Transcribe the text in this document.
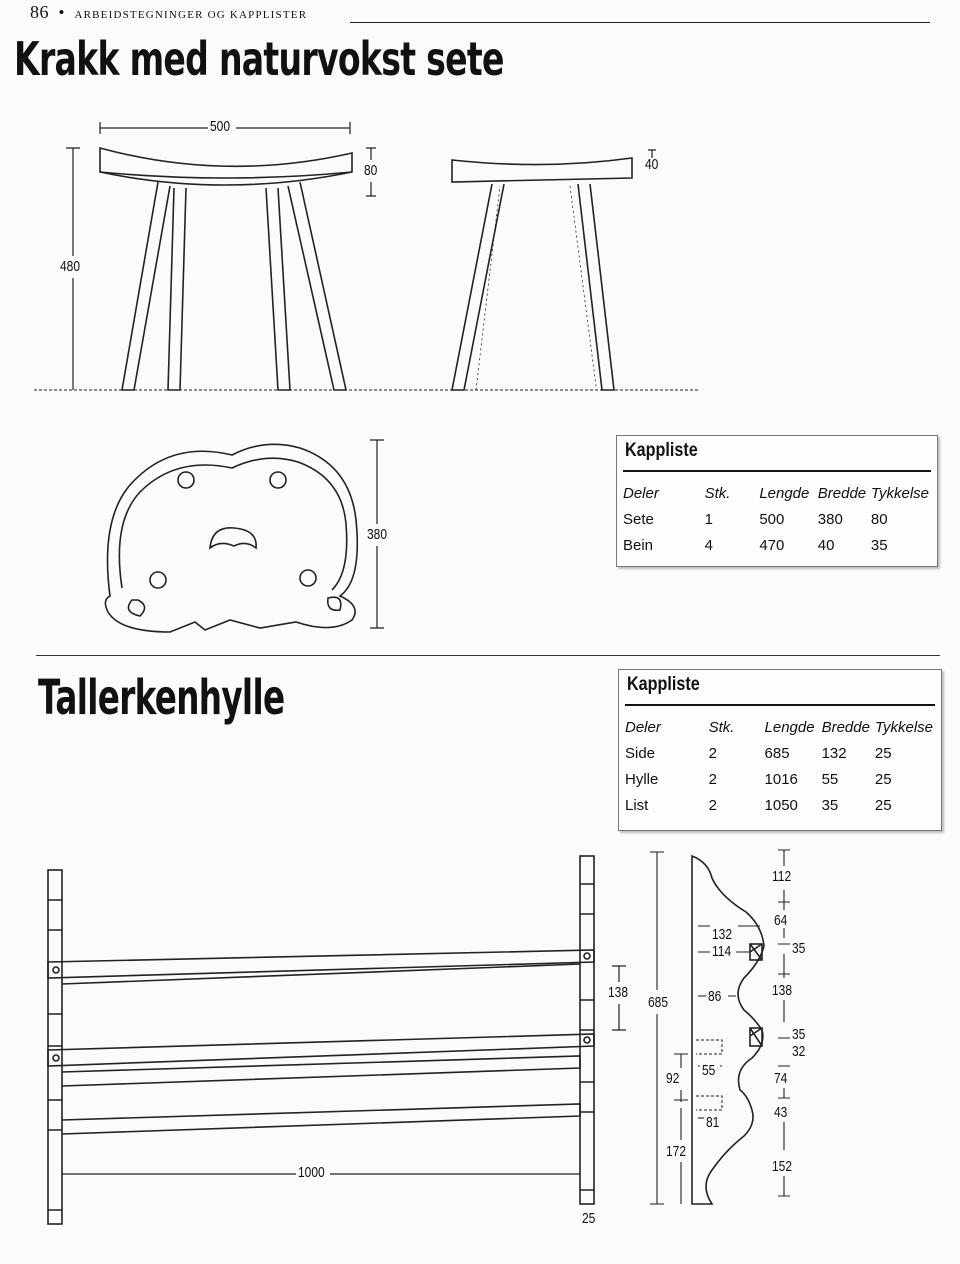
86 • ARBEIDSTEGNINGER OG KAPPLISTER
Krakk med naturvokst sete
500
80	40
480
380
Kappliste
Deler	Stk.	Lengde	Bredde	Tykkelse
Sete	1	500	380	80
Bein	4	470	40	35
Tallerkenhylle	Kappliste
Deler	Stk.	Lengde	Bredde	Tykkelse
Side	2	685	132	25
Hylle	2	1016	55	25
List	2	1050	35	25
1000
25
138
685
132
114
86
55
81
92
172
112
64
35
138
35
32
74
43
152
